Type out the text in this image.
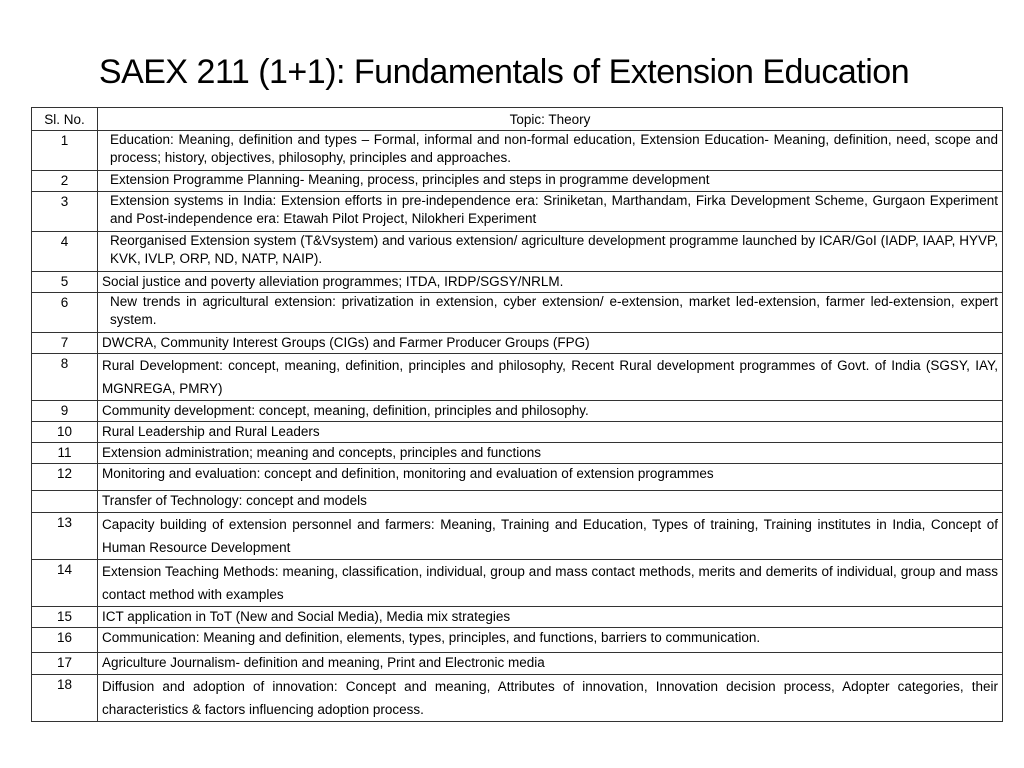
SAEX 211 (1+1): Fundamentals of Extension Education
Sl. No.	Topic: Theory
1	Education: Meaning, definition and types – Formal, informal and non-formal education, Extension Education- Meaning, definition, need, scope and process; history, objectives, philosophy, principles and approaches.
2	Extension Programme Planning- Meaning, process, principles and steps in programme development
3	Extension systems in India: Extension efforts in pre-independence era: Sriniketan, Marthandam, Firka Development Scheme, Gurgaon Experiment and Post-independence era: Etawah Pilot Project, Nilokheri Experiment
4	Reorganised Extension system (T&Vsystem) and various extension/ agriculture development programme launched by ICAR/GoI (IADP, IAAP, HYVP, KVK, IVLP, ORP, ND, NATP, NAIP).
5	Social justice and poverty alleviation programmes; ITDA, IRDP/SGSY/NRLM.
6	New trends in agricultural extension: privatization in extension, cyber extension/ e-extension, market led-extension, farmer led-extension, expert system.
7	DWCRA, Community Interest Groups (CIGs) and Farmer Producer Groups (FPG)
8	Rural Development: concept, meaning, definition, principles and philosophy, Recent Rural development programmes of Govt. of India (SGSY, IAY, MGNREGA, PMRY)
9	Community development: concept, meaning, definition, principles and philosophy.
10	Rural Leadership and Rural Leaders
11	Extension administration; meaning and concepts, principles and functions
12	Monitoring and evaluation: concept and definition, monitoring and evaluation of extension programmes
	Transfer of Technology: concept and models
13	Capacity building of extension personnel and farmers: Meaning, Training and Education, Types of training, Training institutes in India, Concept of Human Resource Development
14	Extension Teaching Methods: meaning, classification, individual, group and mass contact methods, merits and demerits of individual, group and mass contact method with examples
15	ICT application in ToT (New and Social Media), Media mix strategies
16	Communication: Meaning and definition, elements, types, principles, and functions, barriers to communication.
17	Agriculture Journalism- definition and meaning, Print and Electronic media
18	Diffusion and adoption of innovation: Concept and meaning, Attributes of innovation, Innovation decision process, Adopter categories, their characteristics & factors influencing adoption process.
